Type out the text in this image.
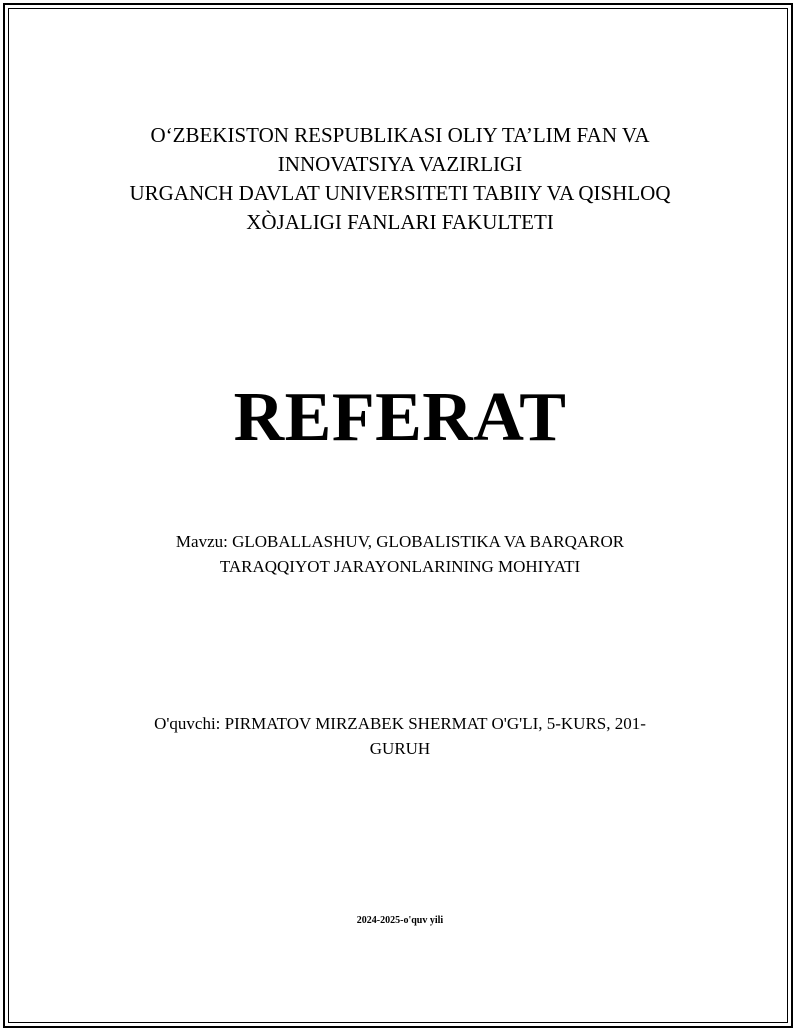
O‘ZBEKISTON RESPUBLIKASI OLIY TA’LIM FAN VA
INNOVATSIYA VAZIRLIGI
URGANCH DAVLAT UNIVERSITETI TABIIY VA QISHLOQ
XÒJALIGI FANLARI FAKULTETI
REFERAT
Mavzu: GLOBALLASHUV, GLOBALISTIKA VA BARQAROR
TARAQQIYOT JARAYONLARINING MOHIYATI
O'quvchi: PIRMATOV MIRZABEK SHERMAT O'G'LI, 5-KURS, 201-
GURUH
2024-2025-o'quv yili
